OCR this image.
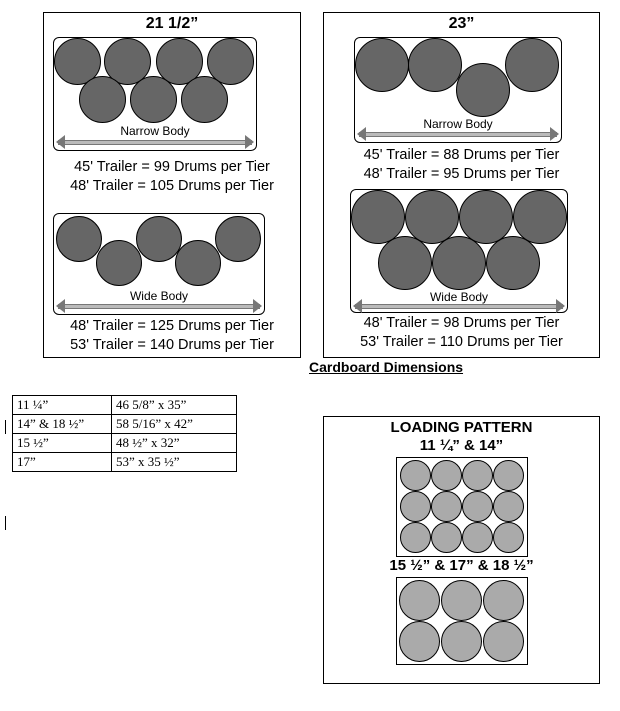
21 1/2”
Narrow Body
45' Trailer = 99 Drums per Tier
48' Trailer = 105 Drums per Tier
Wide Body
48' Trailer = 125 Drums per Tier
53' Trailer = 140 Drums per Tier
23”
Narrow Body
45' Trailer = 88 Drums per Tier
48' Trailer = 95 Drums per Tier
Wide Body
48' Trailer = 98 Drums per Tier
53' Trailer = 110 Drums per Tier
Cardboard Dimensions
11 ¼”	46 5/8” x 35”
14” & 18 ½”	58 5/16” x 42”
15 ½”	48 ½” x 32”
17”	53” x 35 ½”
LOADING PATTERN
11 ¼” & 14”
15 ½” & 17” & 18 ½”
